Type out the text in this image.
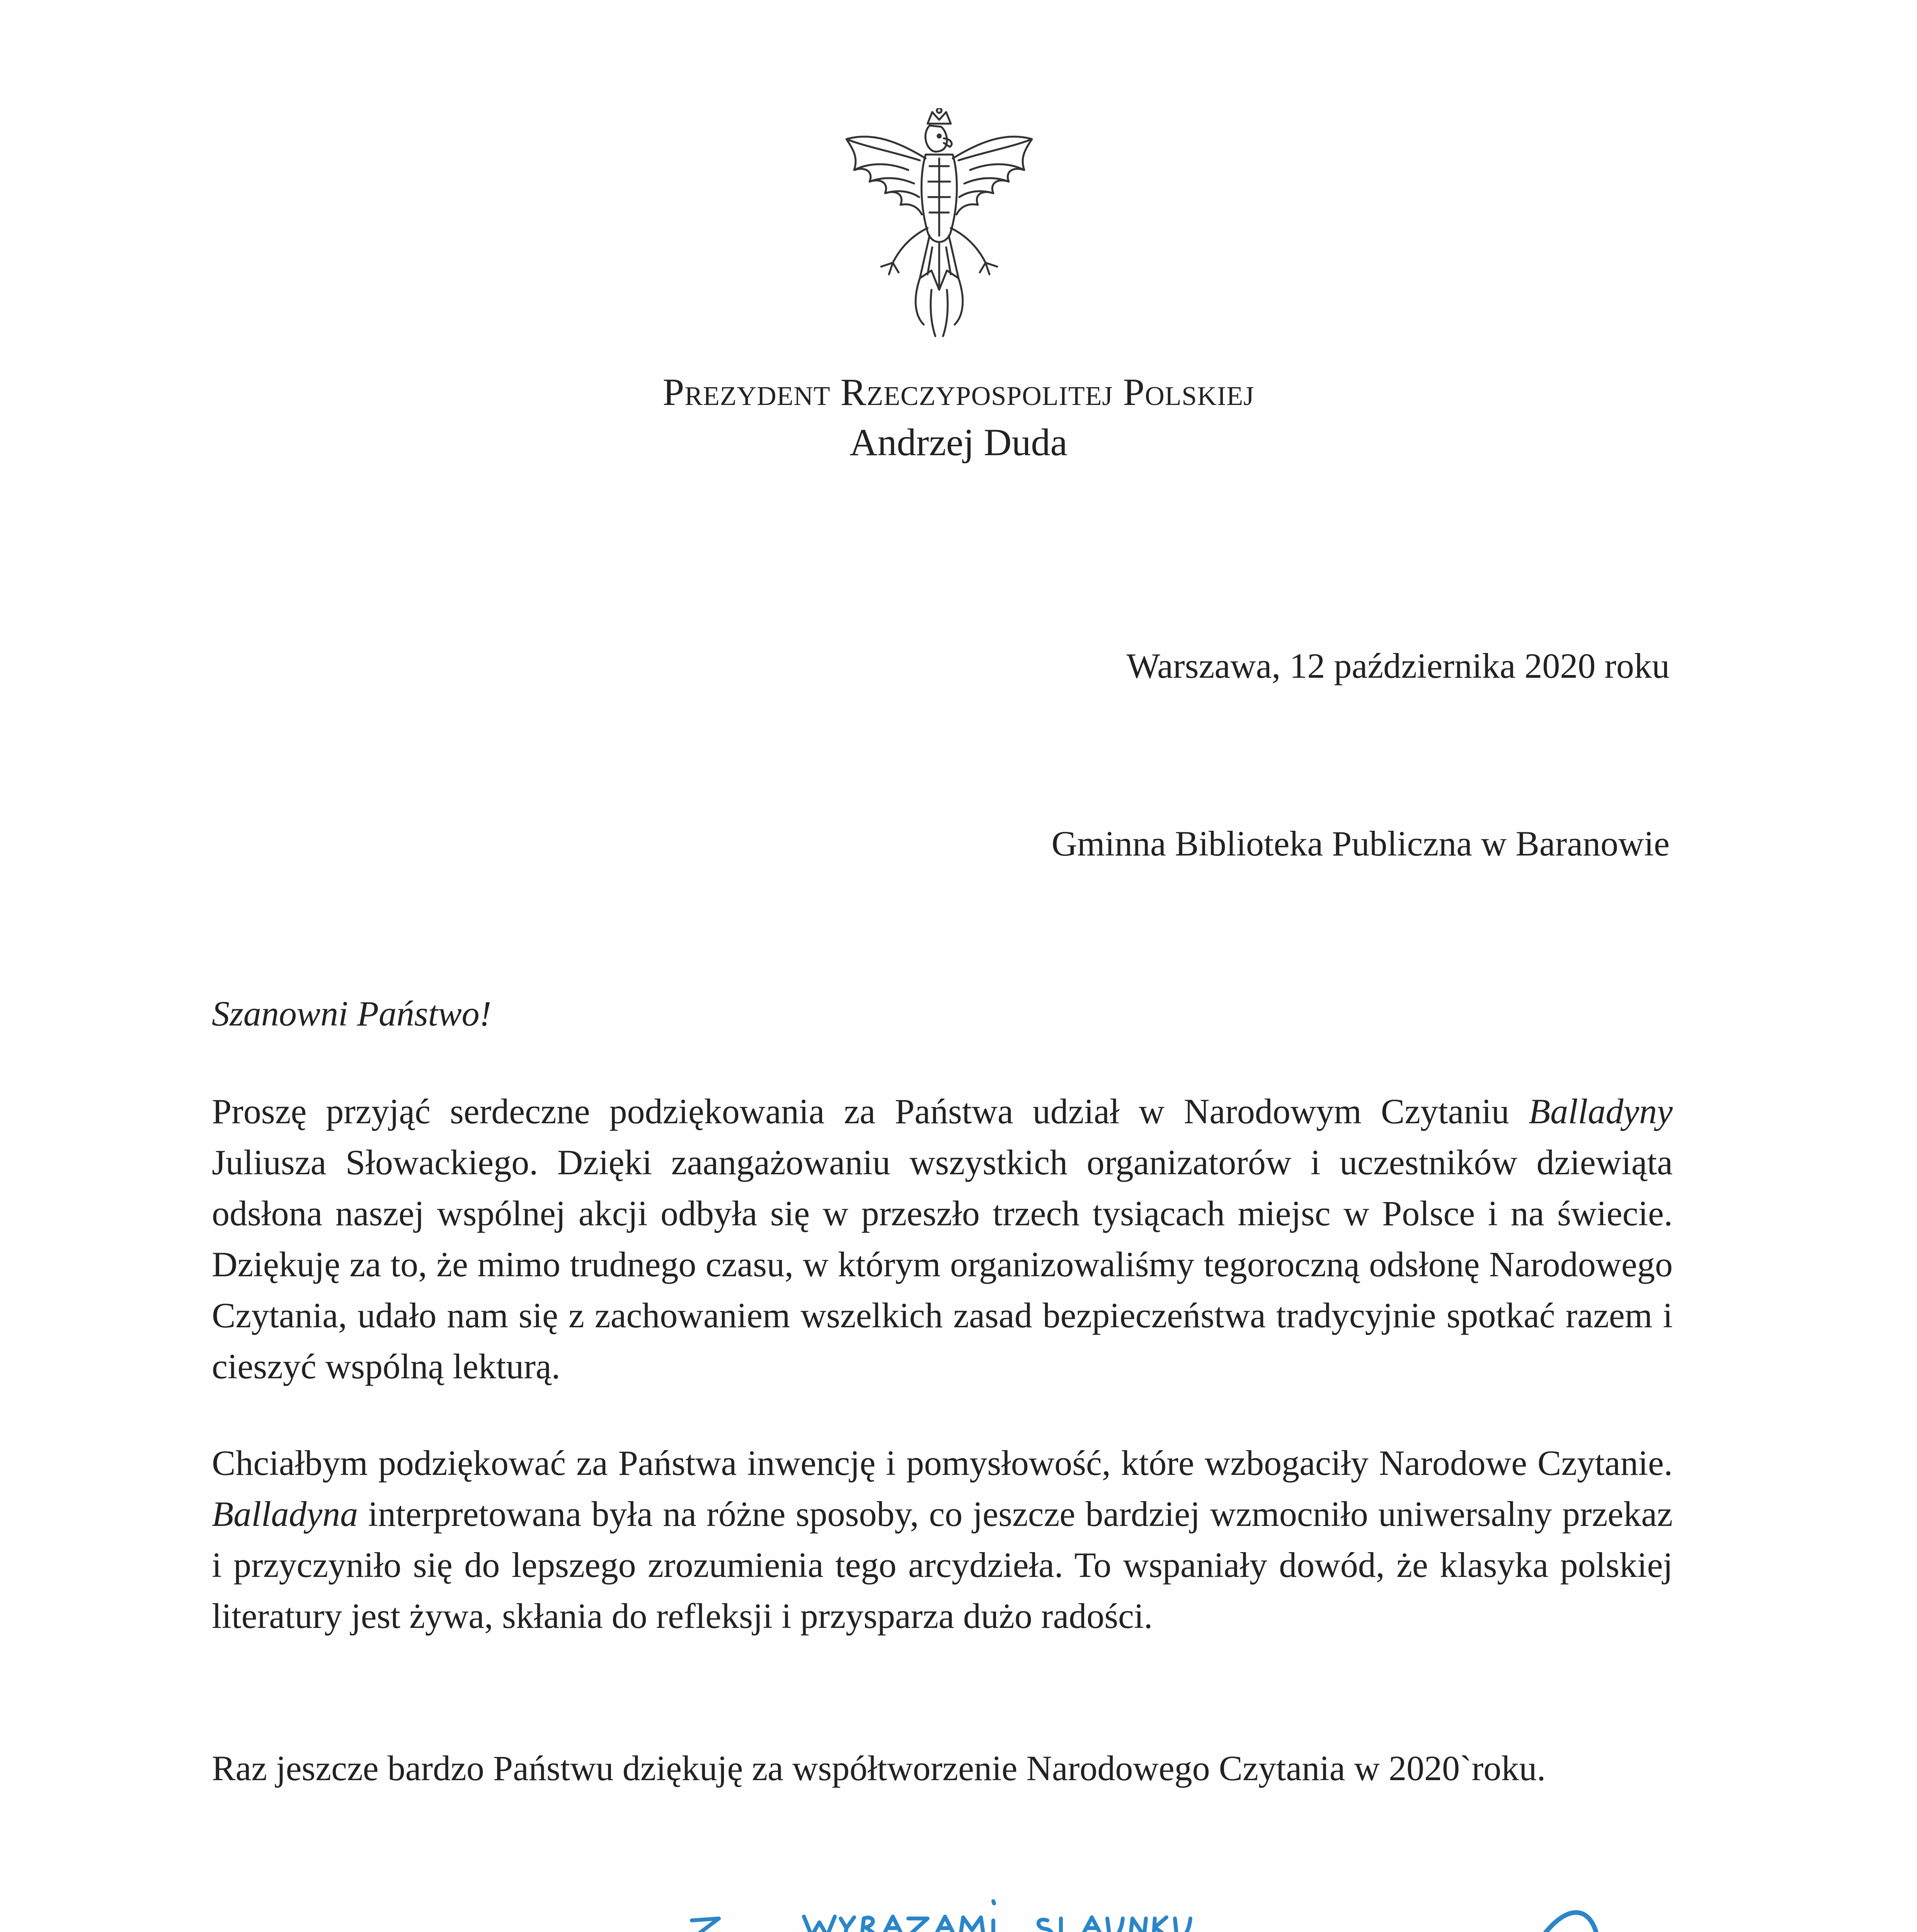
Prezydent Rzeczypospolitej Polskiej
Andrzej Duda
Warszawa, 12 października 2020 roku
Gminna Biblioteka Publiczna w Baranowie
Szanowni Państwo!
Proszę przyjąć serdeczne podziękowania za Państwa udział w Narodowym Czytaniu Balladyny Juliusza Słowackiego. Dzięki zaangażowaniu wszystkich organizatorów i uczestników dziewiąta odsłona naszej wspólnej akcji odbyła się w przeszło trzech tysiącach miejsc w Polsce i na świecie. Dziękuję za to, że mimo trudnego czasu, w którym organizowaliśmy tegoroczną odsłonę Narodowego Czytania, udało nam się z zachowaniem wszelkich zasad bezpieczeństwa tradycyjnie spotkać razem i cieszyć wspólną lekturą.
Chciałbym podziękować za Państwa inwencję i pomysłowość, które wzbogaciły Narodowe Czytanie. Balladyna interpretowana była na różne sposoby, co jeszcze bardziej wzmocniło uniwersalny przekaz i przyczyniło się do lepszego zrozumienia tego arcydzieła. To wspaniały dowód, że klasyka polskiej literatury jest żywa, skłania do refleksji i przysparza dużo radości.
Raz jeszcze bardzo Państwu dziękuję za współtworzenie Narodowego Czytania w 2020`roku.
